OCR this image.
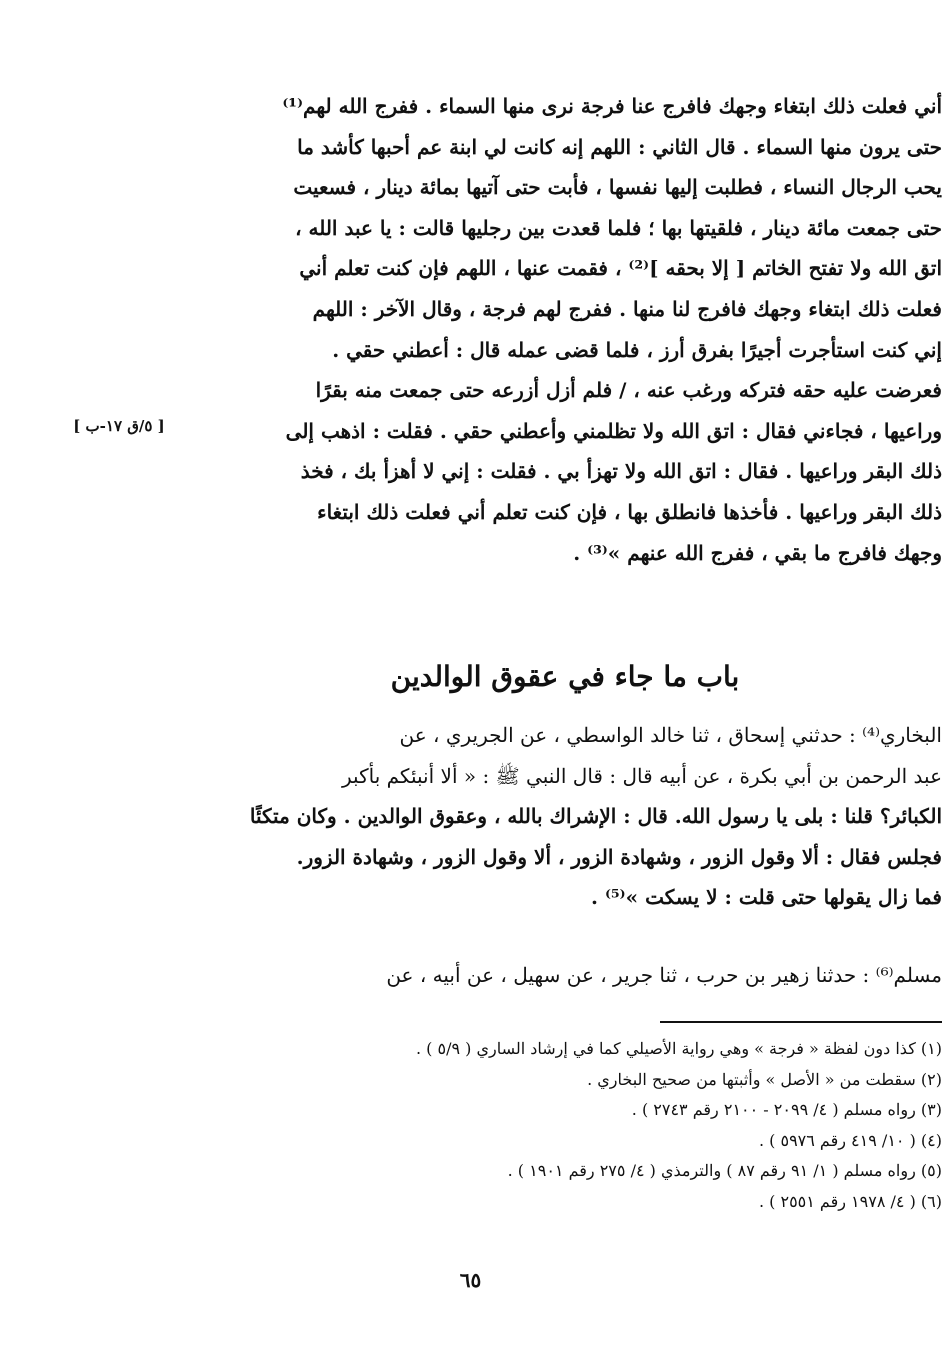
أني فعلت ذلك ابتغاء وجهك فافرج عنا فرجة نرى منها السماء . ففرج الله لهم⁽¹⁾
حتى يرون منها السماء . قال الثاني : اللهم إنه كانت لي ابنة عم أحبها كأشد ما
يحب الرجال النساء ، فطلبت إليها نفسها ، فأبت حتى آتيها بمائة دينار ، فسعيت
حتى جمعت مائة دينار ، فلقيتها بها ؛ فلما قعدت بين رجليها قالت : يا عبد الله ،
اتق الله ولا تفتح الخاتم [ إلا بحقه ]⁽²⁾ ، فقمت عنها ، اللهم فإن كنت تعلم أني
فعلت ذلك ابتغاء وجهك فافرج لنا منها . ففرج لهم فرجة ، وقال الآخر : اللهم
إني كنت استأجرت أجيرًا بفرق أرز ، فلما قضى عمله قال : أعطني حقي .
فعرضت عليه حقه فتركه ورغب عنه ، / فلم أزل أزرعه حتى جمعت منه بقرًا
وراعيها ، فجاءني فقال : اتق الله ولا تظلمني وأعطني حقي . فقلت : اذهب إلى
ذلك البقر وراعيها . فقال : اتق الله ولا تهزأ بي . فقلت : إني لا أهزأ بك ، فخذ
ذلك البقر وراعيها . فأخذها فانطلق بها ، فإن كنت تعلم أني فعلت ذلك ابتغاء
وجهك فافرج ما بقي ، ففرج الله عنهم »⁽³⁾ .
[ ٥/ق ١٧-ب ]
باب ما جاء في عقوق الوالدين
البخاري⁽⁴⁾ : حدثني إسحاق ، ثنا خالد الواسطي ، عن الجريري ، عن
عبد الرحمن بن أبي بكرة ، عن أبيه قال : قال النبي ﷺ : « ألا أنبئكم بأكبر
الكبائر؟ قلنا : بلى يا رسول الله. قال : الإشراك بالله ، وعقوق الوالدين . وكان متكئًا
فجلس فقال : ألا وقول الزور ، وشهادة الزور ، ألا وقول الزور ، وشهادة الزور.
فما زال يقولها حتى قلت : لا يسكت »⁽⁵⁾ .
مسلم⁽⁶⁾ : حدثنا زهير بن حرب ، ثنا جرير ، عن سهيل ، عن أبيه ، عن
(١) كذا دون لفظة « فرجة » وهي رواية الأصيلي كما في إرشاد الساري ( ٥/٩ ) .
(٢) سقطت من « الأصل » وأثبتها من صحيح البخاري .
(٣) رواه مسلم ( ٤/ ٢٠٩٩ - ٢١٠٠ رقم ٢٧٤٣ ) .
(٤) ( ١٠/ ٤١٩ رقم ٥٩٧٦ ) .
(٥) رواه مسلم ( ١/ ٩١ رقم ٨٧ ) والترمذي ( ٤/ ٢٧٥ رقم ١٩٠١ ) .
(٦) ( ٤/ ١٩٧٨ رقم ٢٥٥١ ) .
٦٥
